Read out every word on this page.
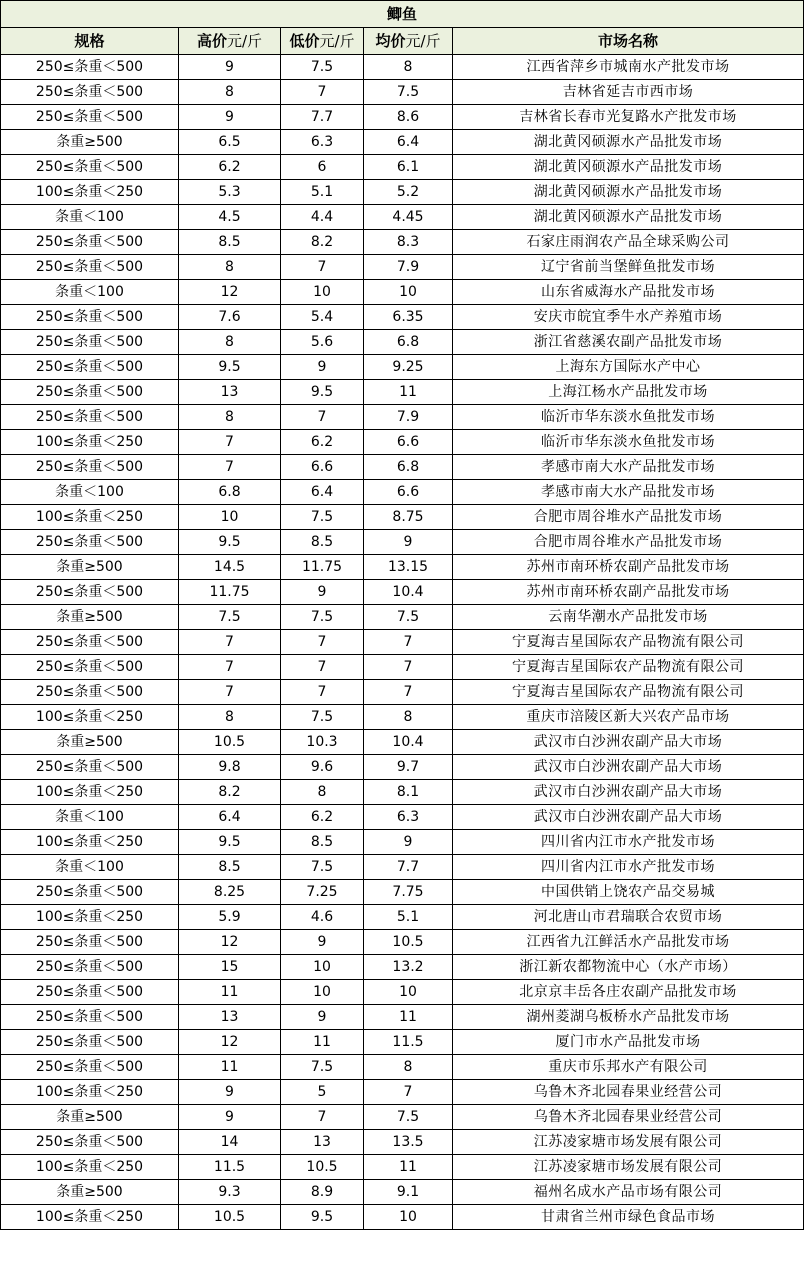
鲫鱼				
规格	高价元/斤	低价元/斤	均价元/斤	市场名称
250≤条重＜500	9	7.5	8	江西省萍乡市城南水产批发市场
250≤条重＜500	8	7	7.5	吉林省延吉市西市场
250≤条重＜500	9	7.7	8.6	吉林省长春市光复路水产批发市场
条重≥500	6.5	6.3	6.4	湖北黄冈硕源水产品批发市场
250≤条重＜500	6.2	6	6.1	湖北黄冈硕源水产品批发市场
100≤条重＜250	5.3	5.1	5.2	湖北黄冈硕源水产品批发市场
条重＜100	4.5	4.4	4.45	湖北黄冈硕源水产品批发市场
250≤条重＜500	8.5	8.2	8.3	石家庄雨润农产品全球采购公司
250≤条重＜500	8	7	7.9	辽宁省前当堡鲜鱼批发市场
条重＜100	12	10	10	山东省威海水产品批发市场
250≤条重＜500	7.6	5.4	6.35	安庆市皖宜季牛水产养殖市场
250≤条重＜500	8	5.6	6.8	浙江省慈溪农副产品批发市场
250≤条重＜500	9.5	9	9.25	上海东方国际水产中心
250≤条重＜500	13	9.5	11	上海江杨水产品批发市场
250≤条重＜500	8	7	7.9	临沂市华东淡水鱼批发市场
100≤条重＜250	7	6.2	6.6	临沂市华东淡水鱼批发市场
250≤条重＜500	7	6.6	6.8	孝感市南大水产品批发市场
条重＜100	6.8	6.4	6.6	孝感市南大水产品批发市场
100≤条重＜250	10	7.5	8.75	合肥市周谷堆水产品批发市场
250≤条重＜500	9.5	8.5	9	合肥市周谷堆水产品批发市场
条重≥500	14.5	11.75	13.15	苏州市南环桥农副产品批发市场
250≤条重＜500	11.75	9	10.4	苏州市南环桥农副产品批发市场
条重≥500	7.5	7.5	7.5	云南华潮水产品批发市场
250≤条重＜500	7	7	7	宁夏海吉星国际农产品物流有限公司
250≤条重＜500	7	7	7	宁夏海吉星国际农产品物流有限公司
250≤条重＜500	7	7	7	宁夏海吉星国际农产品物流有限公司
100≤条重＜250	8	7.5	8	重庆市涪陵区新大兴农产品市场
条重≥500	10.5	10.3	10.4	武汉市白沙洲农副产品大市场
250≤条重＜500	9.8	9.6	9.7	武汉市白沙洲农副产品大市场
100≤条重＜250	8.2	8	8.1	武汉市白沙洲农副产品大市场
条重＜100	6.4	6.2	6.3	武汉市白沙洲农副产品大市场
100≤条重＜250	9.5	8.5	9	四川省内江市水产批发市场
条重＜100	8.5	7.5	7.7	四川省内江市水产批发市场
250≤条重＜500	8.25	7.25	7.75	中国供销上饶农产品交易城
100≤条重＜250	5.9	4.6	5.1	河北唐山市君瑞联合农贸市场
250≤条重＜500	12	9	10.5	江西省九江鲜活水产品批发市场
250≤条重＜500	15	10	13.2	浙江新农都物流中心（水产市场）
250≤条重＜500	11	10	10	北京京丰岳各庄农副产品批发市场
250≤条重＜500	13	9	11	湖州菱湖乌板桥水产品批发市场
250≤条重＜500	12	11	11.5	厦门市水产品批发市场
250≤条重＜500	11	7.5	8	重庆市乐邦水产有限公司
100≤条重＜250	9	5	7	乌鲁木齐北园春果业经营公司
条重≥500	9	7	7.5	乌鲁木齐北园春果业经营公司
250≤条重＜500	14	13	13.5	江苏凌家塘市场发展有限公司
100≤条重＜250	11.5	10.5	11	江苏凌家塘市场发展有限公司
条重≥500	9.3	8.9	9.1	福州名成水产品市场有限公司
100≤条重＜250	10.5	9.5	10	甘肃省兰州市绿色食品市场
